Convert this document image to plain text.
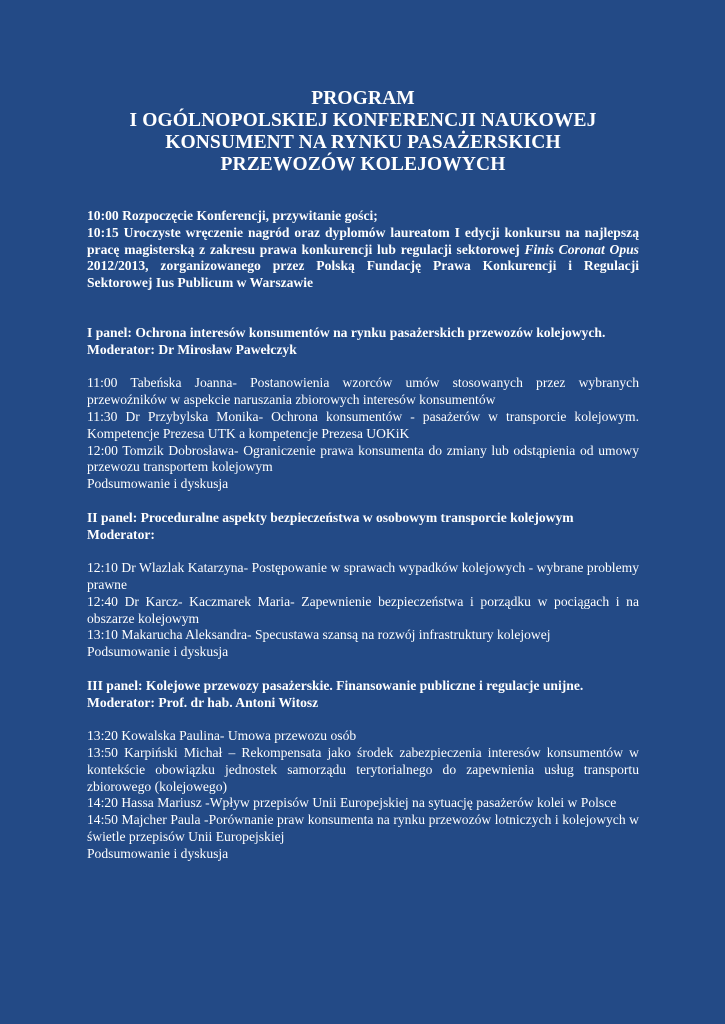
PROGRAM
I OGÓLNOPOLSKIEJ KONFERENCJI NAUKOWEJ
KONSUMENT NA RYNKU PASAŻERSKICH
PRZEWOZÓW KOLEJOWYCH
10:00 Rozpoczęcie Konferencji, przywitanie gości;
10:15 Uroczyste wręczenie nagród oraz dyplomów laureatom I edycji konkursu na najlepszą pracę magisterską z zakresu prawa konkurencji lub regulacji sektorowej Finis Coronat Opus 2012/2013, zorganizowanego przez Polską Fundację Prawa Konkurencji i Regulacji Sektorowej Ius Publicum w Warszawie
I panel: Ochrona interesów konsumentów na rynku pasażerskich przewozów kolejowych.
Moderator: Dr Mirosław Pawełczyk
11:00 Tabeńska Joanna- Postanowienia wzorców umów stosowanych przez wybranych przewoźników w aspekcie naruszania zbiorowych interesów konsumentów
11:30 Dr Przybylska Monika- Ochrona konsumentów - pasażerów w transporcie kolejowym. Kompetencje Prezesa UTK a kompetencje Prezesa UOKiK
12:00 Tomzik Dobrosława- Ograniczenie prawa konsumenta do zmiany lub odstąpienia od umowy przewozu transportem kolejowym
Podsumowanie i dyskusja
II panel: Proceduralne aspekty bezpieczeństwa w osobowym transporcie kolejowym
Moderator:
12:10 Dr Wlazlak Katarzyna- Postępowanie w sprawach wypadków kolejowych - wybrane problemy prawne
12:40 Dr Karcz- Kaczmarek Maria- Zapewnienie bezpieczeństwa i porządku w pociągach i na obszarze kolejowym
13:10 Makarucha Aleksandra- Specustawa szansą na rozwój infrastruktury kolejowej
Podsumowanie i dyskusja
III panel: Kolejowe przewozy pasażerskie. Finansowanie publiczne i regulacje unijne.
Moderator: Prof. dr hab. Antoni Witosz
13:20 Kowalska Paulina- Umowa przewozu osób
13:50 Karpiński Michał – Rekompensata jako środek zabezpieczenia interesów konsumentów w kontekście obowiązku jednostek samorządu terytorialnego do zapewnienia usług transportu zbiorowego (kolejowego)
14:20 Hassa Mariusz -Wpływ przepisów Unii Europejskiej na sytuację pasażerów kolei w Polsce
14:50 Majcher Paula -Porównanie praw konsumenta na rynku przewozów lotniczych i kolejowych w świetle przepisów Unii Europejskiej
Podsumowanie i dyskusja
